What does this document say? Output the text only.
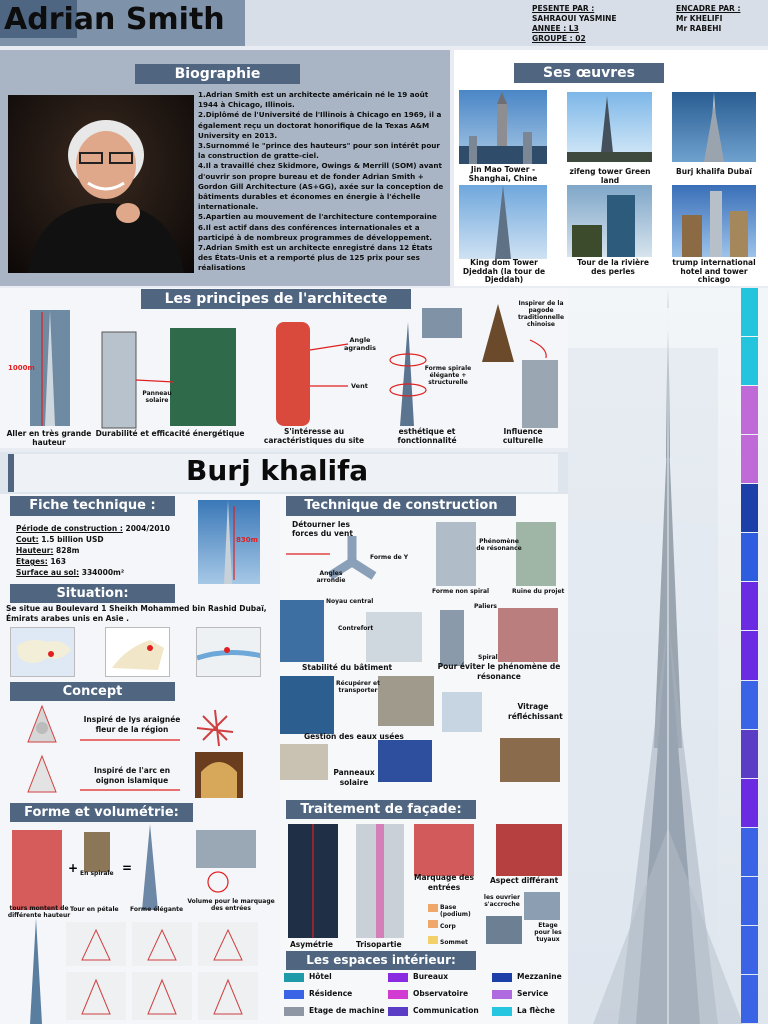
Adrian Smith	PESENTE PAR :
SAHRAOUI YASMINE
ANNEE : L3
GROUPE : 02
ENCADRE PAR :
Mr KHELIFI
Mr RABEHI
Biographie
1.Adrian Smith est un architecte américain né le 19 août 1944 à Chicago, Illinois.
2.Diplômé de l'Université de l'Illinois à Chicago en 1969, il a également reçu un doctorat honorifique de la Texas A&M University en 2013.
3.Surnommé le "prince des hauteurs" pour son intérêt pour la construction de gratte-ciel.
4.Il a travaillé chez Skidmore, Owings & Merrill (SOM) avant d'ouvrir son propre bureau et de fonder Adrian Smith + Gordon Gill Architecture (AS+GG), axée sur la conception de bâtiments durables et économes en énergie à l'échelle internationale.
5.Apartien au mouvement de l'architecture contemporaine
6.Il est actif dans des conférences internationales et a participé à de nombreux programmes de développement.
7.Adrian Smith est un architecte enregistré dans 12 États des États-Unis et a remporté plus de 125 prix pour ses réalisations
Ses œuvres
Jin Mao Tower - Shanghai, Chine
zifeng tower Green land
Burj khalifa Dubaï
King dom Tower Djeddah (la tour de Djeddah)
Tour de la rivière des perles
trump international hotel and tower chicago
Les principes de l'architecte
1000m
Panneau solaire
Angle agrandis
Vent
Forme spirale élégante + structurelle
Inspirer de la pagode traditionnelle chinoise
Aller en très grande hauteur
Durabilité et efficacité énergétique	S'intéresse au caractéristiques du site
esthétique et fonctionnalité
Influence culturelle
Burj khalifa
Fiche technique :
Période de construction : 2004/2010
Cout: 1.5 billion USD
Hauteur: 828m
Etages: 163
Surface au sol: 334000m²
830m
Situation:
Se situe au Boulevard 1 Sheikh Mohammed bin Rashid Dubaï, Émirats arabes unis en Asie .
Concept
Inspiré de lys araignée fleur de la région
Inspiré de l'arc en oignon islamique
Forme et volumétrie:
+	=
En spirale
tours montent de différente hauteur
Tour en pétale Forme élégante
Volume pour le marquage des entrées
Technique de construction
Détourner les forces du vent
Forme de Y
Angles arrondie
Phénomène de résonance
Forme non spiral	Ruine du projet
Noyau central
Contrefort
Paliers
Spiral
Stabilité du bâtiment	Pour éviter le phénomène de résonance
Récupérer et transporter
Vitrage réfléchissant
Gestion des eaux usées
Panneaux solaire
Traitement de façade:
Asymétrie	Trisopartie
Marquage des entrées
Aspect différant
les ouvrier s'accroche
Etage pour les tuyaux
Base (podium)
Corp
Sommet
Les espaces intérieur:
Hôtel	Bureaux	Mezzanine
Résidence	Observatoire	Service
Etage de machine	Communication	La flèche
